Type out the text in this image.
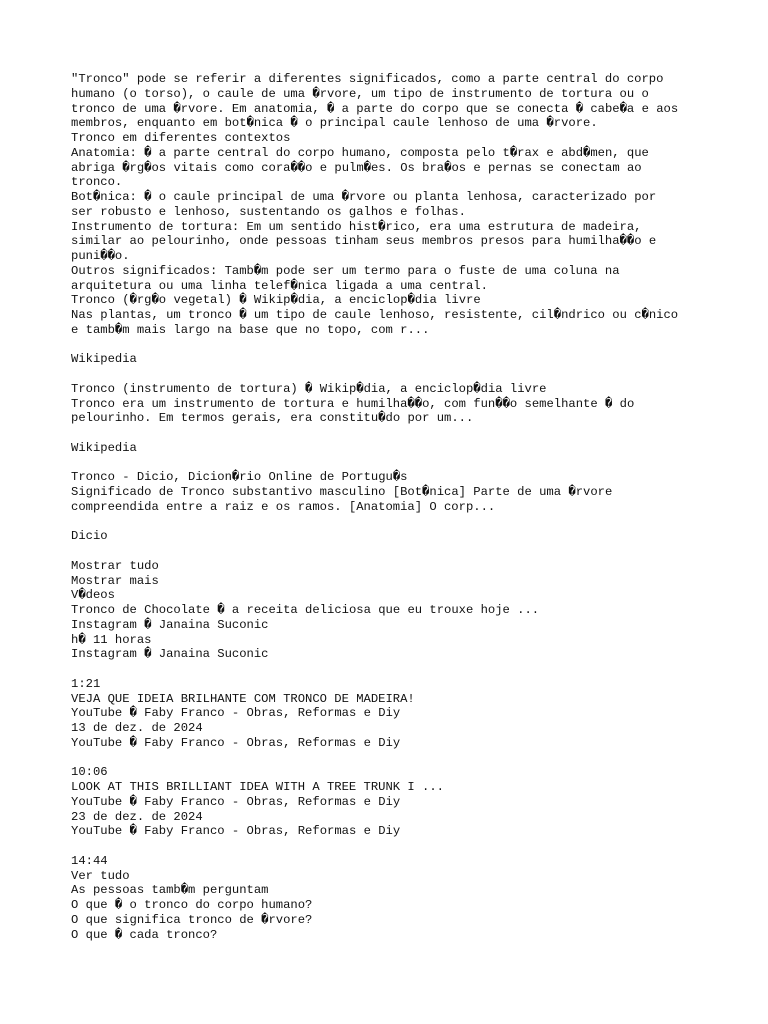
"Tronco" pode se referir a diferentes significados, como a parte central do corpo
humano (o torso), o caule de uma �rvore, um tipo de instrumento de tortura ou o
tronco de uma �rvore. Em anatomia, � a parte do corpo que se conecta � cabe�a e aos
membros, enquanto em bot�nica � o principal caule lenhoso de uma �rvore.
Tronco em diferentes contextos
Anatomia: � a parte central do corpo humano, composta pelo t�rax e abd�men, que
abriga �rg�os vitais como cora��o e pulm�es. Os bra�os e pernas se conectam ao
tronco.
Bot�nica: � o caule principal de uma �rvore ou planta lenhosa, caracterizado por
ser robusto e lenhoso, sustentando os galhos e folhas.
Instrumento de tortura: Em um sentido hist�rico, era uma estrutura de madeira,
similar ao pelourinho, onde pessoas tinham seus membros presos para humilha��o e
puni��o.
Outros significados: Tamb�m pode ser um termo para o fuste de uma coluna na
arquitetura ou uma linha telef�nica ligada a uma central.
Tronco (�rg�o vegetal) � Wikip�dia, a enciclop�dia livre
Nas plantas, um tronco � um tipo de caule lenhoso, resistente, cil�ndrico ou c�nico
e tamb�m mais largo na base que no topo, com r...
Wikipedia
Tronco (instrumento de tortura) � Wikip�dia, a enciclop�dia livre
Tronco era um instrumento de tortura e humilha��o, com fun��o semelhante � do
pelourinho. Em termos gerais, era constitu�do por um...
Wikipedia
Tronco - Dicio, Dicion�rio Online de Portugu�s
Significado de Tronco substantivo masculino [Bot�nica] Parte de uma �rvore
compreendida entre a raiz e os ramos. [Anatomia] O corp...
Dicio
Mostrar tudo
Mostrar mais
V�deos
Tronco de Chocolate � a receita deliciosa que eu trouxe hoje ...
Instagram � Janaina Suconic
h� 11 horas
Instagram � Janaina Suconic
1:21
VEJA QUE IDEIA BRILHANTE COM TRONCO DE MADEIRA!
YouTube � Faby Franco - Obras, Reformas e Diy
13 de dez. de 2024
YouTube � Faby Franco - Obras, Reformas e Diy
10:06
LOOK AT THIS BRILLIANT IDEA WITH A TREE TRUNK I ...
YouTube � Faby Franco - Obras, Reformas e Diy
23 de dez. de 2024
YouTube � Faby Franco - Obras, Reformas e Diy
14:44
Ver tudo
As pessoas tamb�m perguntam
O que � o tronco do corpo humano?
O que significa tronco de �rvore?
O que � cada tronco?
